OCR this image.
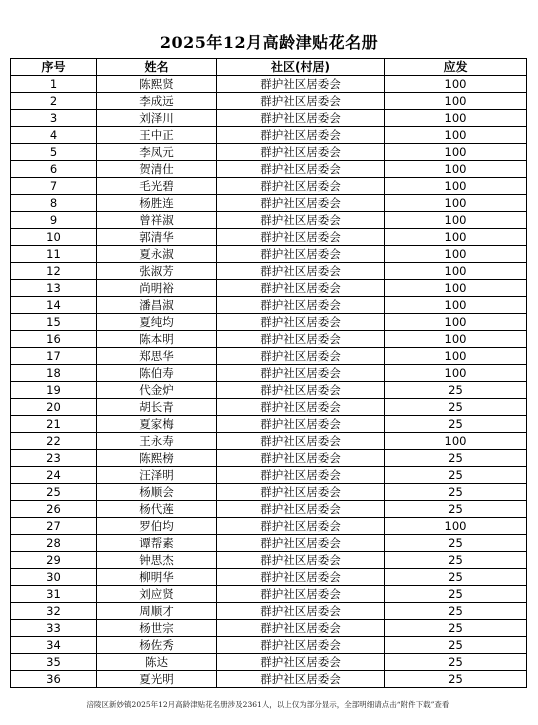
2025年12月高龄津贴花名册
序号	姓名	社区(村居)	应发
1	陈熙贤	群护社区居委会	100
2	李成远	群护社区居委会	100
3	刘泽川	群护社区居委会	100
4	王中正	群护社区居委会	100
5	李凤元	群护社区居委会	100
6	贺清仕	群护社区居委会	100
7	毛光碧	群护社区居委会	100
8	杨胜连	群护社区居委会	100
9	曾祥淑	群护社区居委会	100
10	郭清华	群护社区居委会	100
11	夏永淑	群护社区居委会	100
12	张淑芳	群护社区居委会	100
13	尚明裕	群护社区居委会	100
14	潘昌淑	群护社区居委会	100
15	夏纯均	群护社区居委会	100
16	陈本明	群护社区居委会	100
17	郑思华	群护社区居委会	100
18	陈伯寿	群护社区居委会	100
19	代金炉	群护社区居委会	25
20	胡长青	群护社区居委会	25
21	夏家梅	群护社区居委会	25
22	王永寿	群护社区居委会	100
23	陈熙榜	群护社区居委会	25
24	汪泽明	群护社区居委会	25
25	杨顺会	群护社区居委会	25
26	杨代莲	群护社区居委会	25
27	罗伯均	群护社区居委会	100
28	谭帮素	群护社区居委会	25
29	钟思杰	群护社区居委会	25
30	柳明华	群护社区居委会	25
31	刘应贤	群护社区居委会	25
32	周顺才	群护社区居委会	25
33	杨世宗	群护社区居委会	25
34	杨佐秀	群护社区居委会	25
35	陈达	群护社区居委会	25
36	夏光明	群护社区居委会	25
涪陵区新妙镇2025年12月高龄津贴花名册涉及2361人，以上仅为部分显示，全部明细请点击“附件下载”查看
